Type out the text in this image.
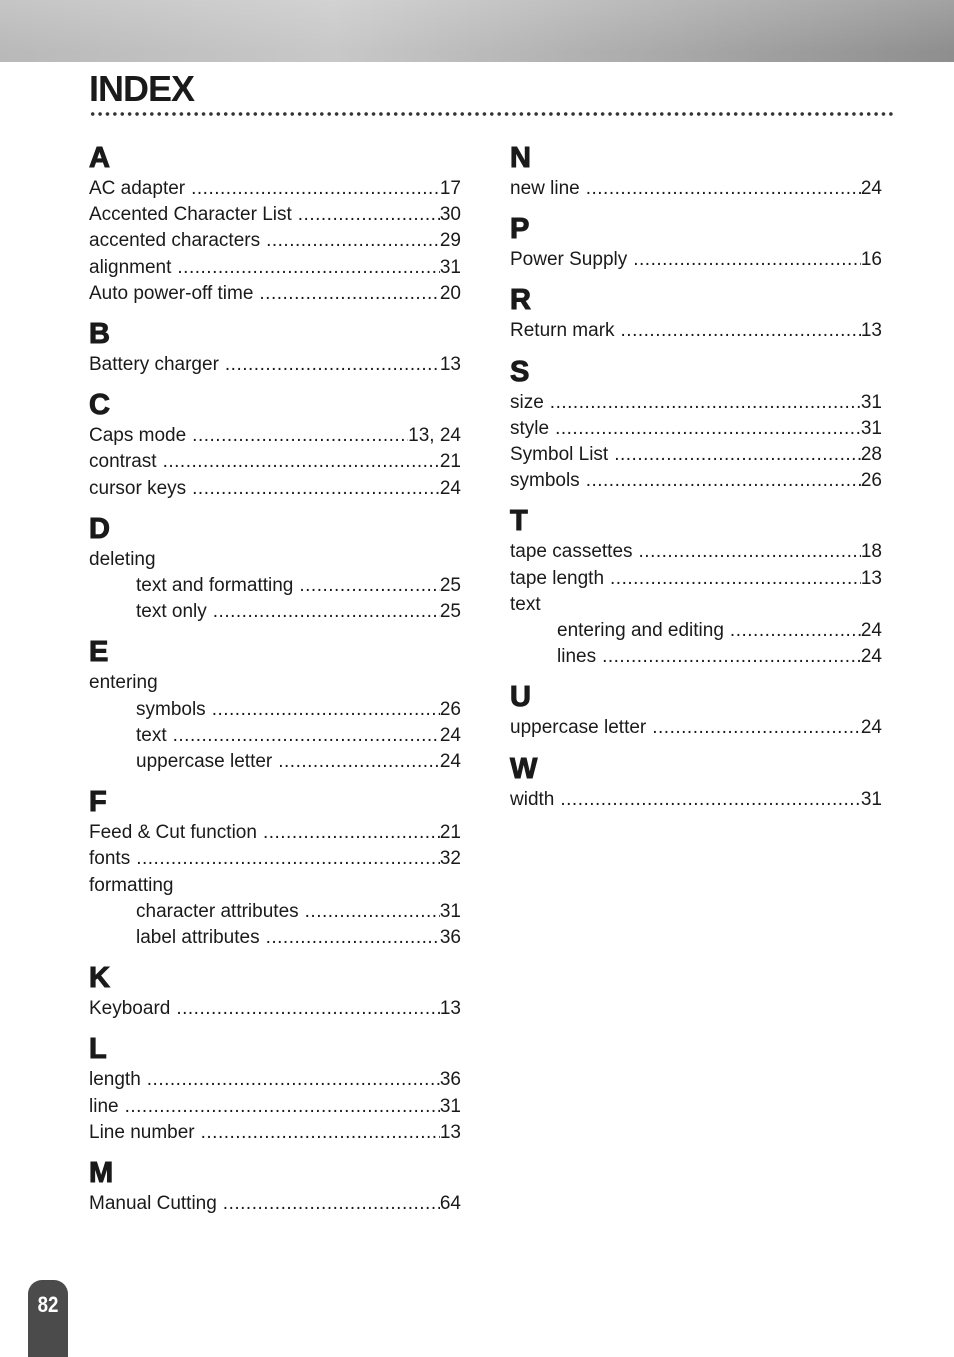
INDEX
A
AC adapter .....	17
Accented Character List .....	30
accented characters .....	29
alignment .....	31
Auto power-off time .....	20
B
Battery charger .....	13
C
Caps mode .....	13, 24
contrast .....	21
cursor keys .....	24
D
deleting
text and formatting .....	25
text only .....	25
E
entering
symbols .....	26
text .....	24
uppercase letter .....	24
F
Feed & Cut function .....	21
fonts .....	32
formatting
character attributes .....	31
label attributes .....	36
K
Keyboard .....	13
L
length .....	36
line .....	31
Line number .....	13
M
Manual Cutting .....	64
N
new line .....	24
P
Power Supply .....	16
R
Return mark .....	13
S
size .....	31
style .....	31
Symbol List .....	28
symbols .....	26
T
tape cassettes .....	18
tape length .....	13
text
entering and editing .....	24
lines .....	24
U
uppercase letter .....	24
W
width .....	31
82
